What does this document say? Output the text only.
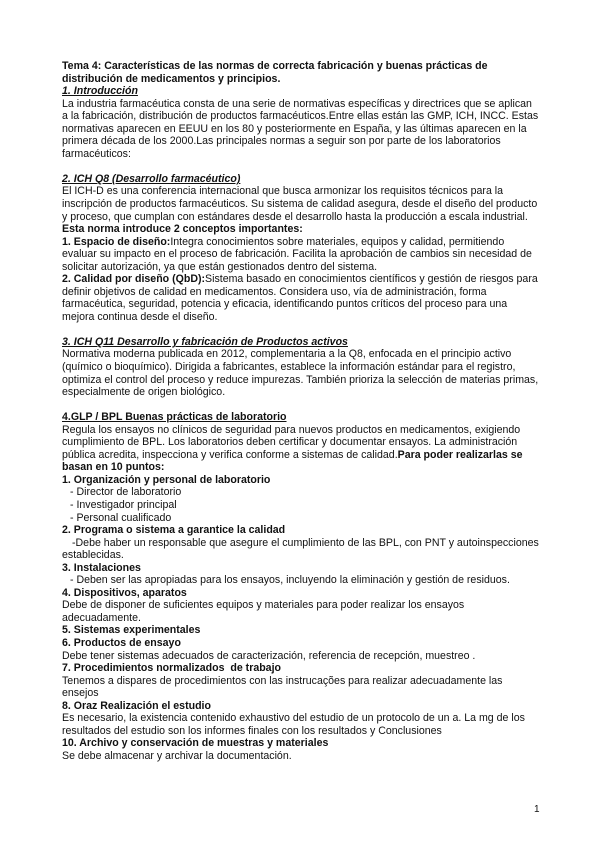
Tema 4: Características de las normas de correcta fabricación y buenas prácticas de distribución de medicamentos y principios.
1. Introducción

La industria farmacéutica consta de una serie de normativas específicas y directrices que se aplican a la fabricación, distribución de productos farmacéuticos.Entre ellas están las GMP, ICH, INCC. Estas normativas aparecen en EEUU en los 80 y posteriormente en España, y las últimas aparecen en la primera década de los 2000.Las principales normas a seguir son por parte de los laboratorios farmacéuticos:

2. ICH Q8 (Desarrollo farmacéutico)

El ICH-D es una conferencia internacional que busca armonizar los requisitos técnicos para la inscripción de productos farmacéuticos. Su sistema de calidad asegura, desde el diseño del producto y proceso, que cumplan con estándares desde el desarrollo hasta la producción a escala industrial.

Esta norma introduce 2 conceptos importantes:

1. Espacio de diseño:Integra conocimientos sobre materiales, equipos y calidad, permitiendo evaluar su impacto en el proceso de fabricación. Facilita la aprobación de cambios sin necesidad de solicitar autorización, ya que están gestionados dentro del sistema.

2. Calidad por diseño (QbD):Sistema basado en conocimientos científicos y gestión de riesgos para definir objetivos de calidad en medicamentos. Considera uso, vía de administración, forma farmacéutica, seguridad, potencia y eficacia, identificando puntos críticos del proceso para una mejora continua desde el diseño.

3. ICH Q11 Desarrollo y fabricación de Productos activos

Normativa moderna publicada en 2012, complementaria a la Q8, enfocada en el principio activo (químico o bioquímico). Dirigida a fabricantes, establece la información estándar para el registro, optimiza el control del proceso y reduce impurezas. También prioriza la selección de materias primas, especialmente de origen biológico.

4.GLP / BPL Buenas prácticas de laboratorio

Regula los ensayos no clínicos de seguridad para nuevos productos en medicamentos, exigiendo cumplimiento de BPL. Los laboratorios deben certificar y documentar ensayos. La administración pública acredita, inspecciona y verifica conforme a sistemas de calidad.Para poder realizarlas se basan en 10 puntos:

1. Organización y personal de laboratorio
- Director de laboratorio
- Investigador principal
- Personal cualificado
2. Programa o sistema a garantice la calidad

-Debe haber un responsable que asegure el cumplimiento de las BPL, con PNT y autoinspecciones establecidas.

3. Instalaciones

- Deben ser las apropiadas para los ensayos, incluyendo la eliminación y gestión de residuos.

4. Dispositivos, aparatos

Debe de disponer de suficientes equipos y materiales para poder realizar los ensayos adecuadamente.

5. Sistemas experimentales
6. Productos de ensayo

Debe tener sistemas adecuados de caracterización, referencia de recepción, muestreo .

7. Procedimientos normalizados  de trabajo

Tenemos a dispares de procedimientos con las instrucações para realizar adecuadamente las ensejos

8. Oraz Realización el estudio

Es necesario, la existencia contenido exhaustivo del estudio de un protocolo de un a. La mg de los resultados del estudio son los informes finales con los resultados y Conclusiones

10. Archivo y conservación de muestras y materiales

Se debe almacenar y archivar la documentación.

1
